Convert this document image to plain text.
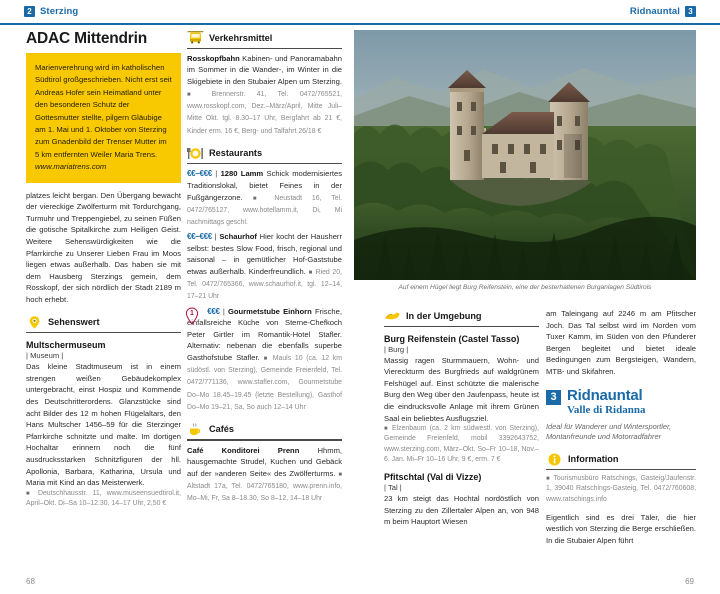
2 Sterzing	Ridnauntal	3
Auf einem Hügel liegt Burg Reifenstein, eine der besterhaltenen Burganlagen Südtirols
ADAC Mittendrin
Marienverehrung wird im katholischen Südtirol großgeschrieben. Nicht erst seit Andreas Hofer sein Heimatland unter den besonderen Schutz der Gottesmutter stellte, pilgern Gläubige am 1. Mai und 1. Oktober von Sterzing zum Gnadenbild der Trenser Mutter im 5 km entfernten Weiler Maria Trens. www.mariatrens.com
platzes leicht bergan. Den Übergang bewacht der viereckige Zwölferturm mit Tordurchgang, Turmuhr und Treppengiebel, zu seinen Füßen die gotische Spitalkirche zum Heiligen Geist. Weitere Sehenswürdigkeiten wie die Pfarrkirche zu Unserer Lieben Frau im Moos liegen etwas außerhalb. Das haben sie mit dem Hausberg Sterzings gemein, dem Rosskopf, der sich nördlich der Stadt 2189 m hoch erhebt.
Sehenswert
Multschermuseum
| Museum |
Das kleine Stadtmuseum ist in einem strengen weißen Gebäudekomplex untergebracht, einst Hospiz und Kommende des Deutschritterordens. Glanzstücke sind acht Bilder des 12 m hohen Flügelaltars, den Hans Multscher 1456–59 für die Sterzinger Pfarrkirche schnitzte und malte. Im dortigen Hochaltar erinnern noch die fünf ausdrucksstarken Schnitzfiguren der hll. Apollonia, Barbara, Katharina, Ursula und Maria mit Kind an das Meisterwerk.
■ Deutschhausstr. 11, www.museensuedtirol.it, April–Okt. Di–Sa 10–12.30, 14–17 Uhr, 2,50 €
Verkehrsmittel
Rosskopfbahn Kabinen- und Panoramabahn im Sommer in die Wander-, im Winter in die Skigebiete in den Stubaier Alpen um Sterzing. ■ Brennerstr. 41, Tel. 0472/765521, www.rosskopf.com, Dez.–März/April, Mitte Juli–Mitte Okt. tgl. 8.30–17 Uhr, Bergfahrt ab 21 €, Kinder erm. 16 €, Berg- und Talfahrt 26/18 €
Restaurants
€€–€€€ | 1280 Lamm Schick modernisiertes Traditionslokal, bietet Feines in der Fußgängerzone. ■ Neustadt 16, Tel. 0472/765127, www.hotellamm.it, Di, Mi nachmittags geschl.
€€–€€€ | Schaurhof Hier kocht der Hausherr selbst: bestes Slow Food, frisch, regional und saisonal – in gemütlicher Hof-Gaststube etwas außerhalb. Kinderfreundlich. ■ Ried 20, Tel. 0472/765366, www.schaurhof.it, tgl. 12–14, 17–21 Uhr
1	€€€ | Gourmetstube Einhorn Frische, einfallsreiche Küche von Sterne-Chefkoch Peter Girtler im Romantik-Hotel Stafler. Alternativ: nebenan die ebenfalls superbe Gasthofstube Stafler. ■ Mauls 10 (ca. 12 km südöstl. von Sterzing), Gemeinde Freienfeld, Tel. 0472/771136, www.stafler.com, Gourmetstube Do–Mo 18.45–19.45 (letzte Bestellung), Gasthof Do–Mo 19–21, Sa, So auch 12–14 Uhr
Cafés
Café Konditorei Prenn Hhmm, hausgemachte Strudel, Kuchen und Gebäck auf der »anderen Seite« des Zwölferturms. ■ Altstadt 17a, Tel. 0472/765180, www.prenn.info, Mo–Mi, Fr, Sa 8–18.30, So 8–12, 14–18 Uhr
In der Umgebung
Burg Reifenstein (Castel Tasso)
| Burg |
Massig ragen Sturmmauern, Wohn- und Viereckturm des Burgfrieds auf waldgrünem Felshügel auf. Einst schützte die malerische Burg den Weg über den Jaufenpass, heute ist die eindrucksvolle Anlage mit ihrem Grünen Saal ein beliebtes Ausflugsziel.
■ Elzenbaum (ca. 2 km südwestl. von Sterzing), Gemeinde Freienfeld, mobil 3392643752, www.sterzing.com, März–Okt. So–Fr 10–18, Nov.–6. Jan. Mi–Fr 10–16 Uhr, 9 €, erm. 7 €
Pfitschtal (Val di Vizze)
| Tal |
23 km steigt das Hochtal nordöstlich von Sterzing zu den Zillertaler Alpen an, von 948 m beim Hauptort Wiesen
am Taleingang auf 2246 m am Pfitscher Joch. Das Tal selbst wird im Norden vom Tuxer Kamm, im Süden von den Pfunderer Bergen begleitet und bietet ideale Bedingungen zum Bergsteigen, Wandern, MTB- und Skifahren.
3 Ridnauntal
Valle di Ridanna
Ideal für Wanderer und Wintersportler, Montanfreunde und Motorradfahrer
Information
■ Tourismusbüro Ratschings, Gasteig/Jaufenstr. 1, 39040 Ratschings-Gasteig, Tel. 0472/760608, www.ratschings.info
Eigentlich sind es drei Täler, die hier westlich von Sterzing die Berge erschließen. In die Stubaier Alpen führt
68	69
